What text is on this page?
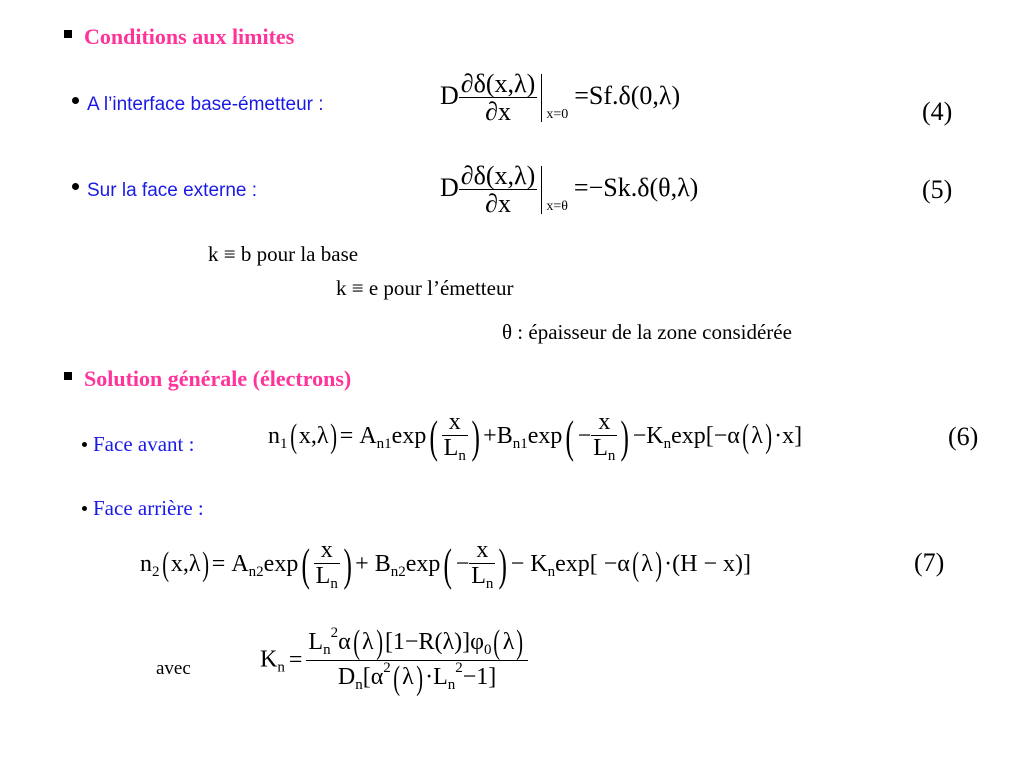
Conditions aux limites
A l’interface base-émetteur :	D $\frac{\partial\delta(x,\lambda)}{\partial x} _{x=0}=Sf.\delta(0,\lambda)$
(4)
Sur la face externe :	D $\frac{\partial\delta(x,\lambda)}{\partial x} _{x=\theta}=-Sk.\delta(\theta,\lambda)$	(5)
k ≡ b pour la base
k ≡ e pour l’émetteur
θ : épaisseur de la zone considérée
Solution générale (électrons)
Face avant :	$n_1(x,\lambda)= A_{n1}\exp( \frac{x}{L_n}$ ) $+B_{n1}\exp( - \frac{x}{L_n}$ ) $-K_n\exp[-\alpha(\lambda)\cdot x]$	(6)
Face arrière :
$n_2(x,\lambda)= A_{n2}\exp( \frac{x}{L_n}$ ) + $B_{n2}\exp( - \frac{x}{L_n}$ ) − $K_n\exp[ -\alpha(\lambda)\cdot(H - x)]$	(7)
avec	$K_n = \frac{L_n^2\alpha(\lambda)[1-R(\lambda)]\varphi_0(\lambda)}{D_n[\alpha^2(\lambda)\cdot L_n^2-1]}$
